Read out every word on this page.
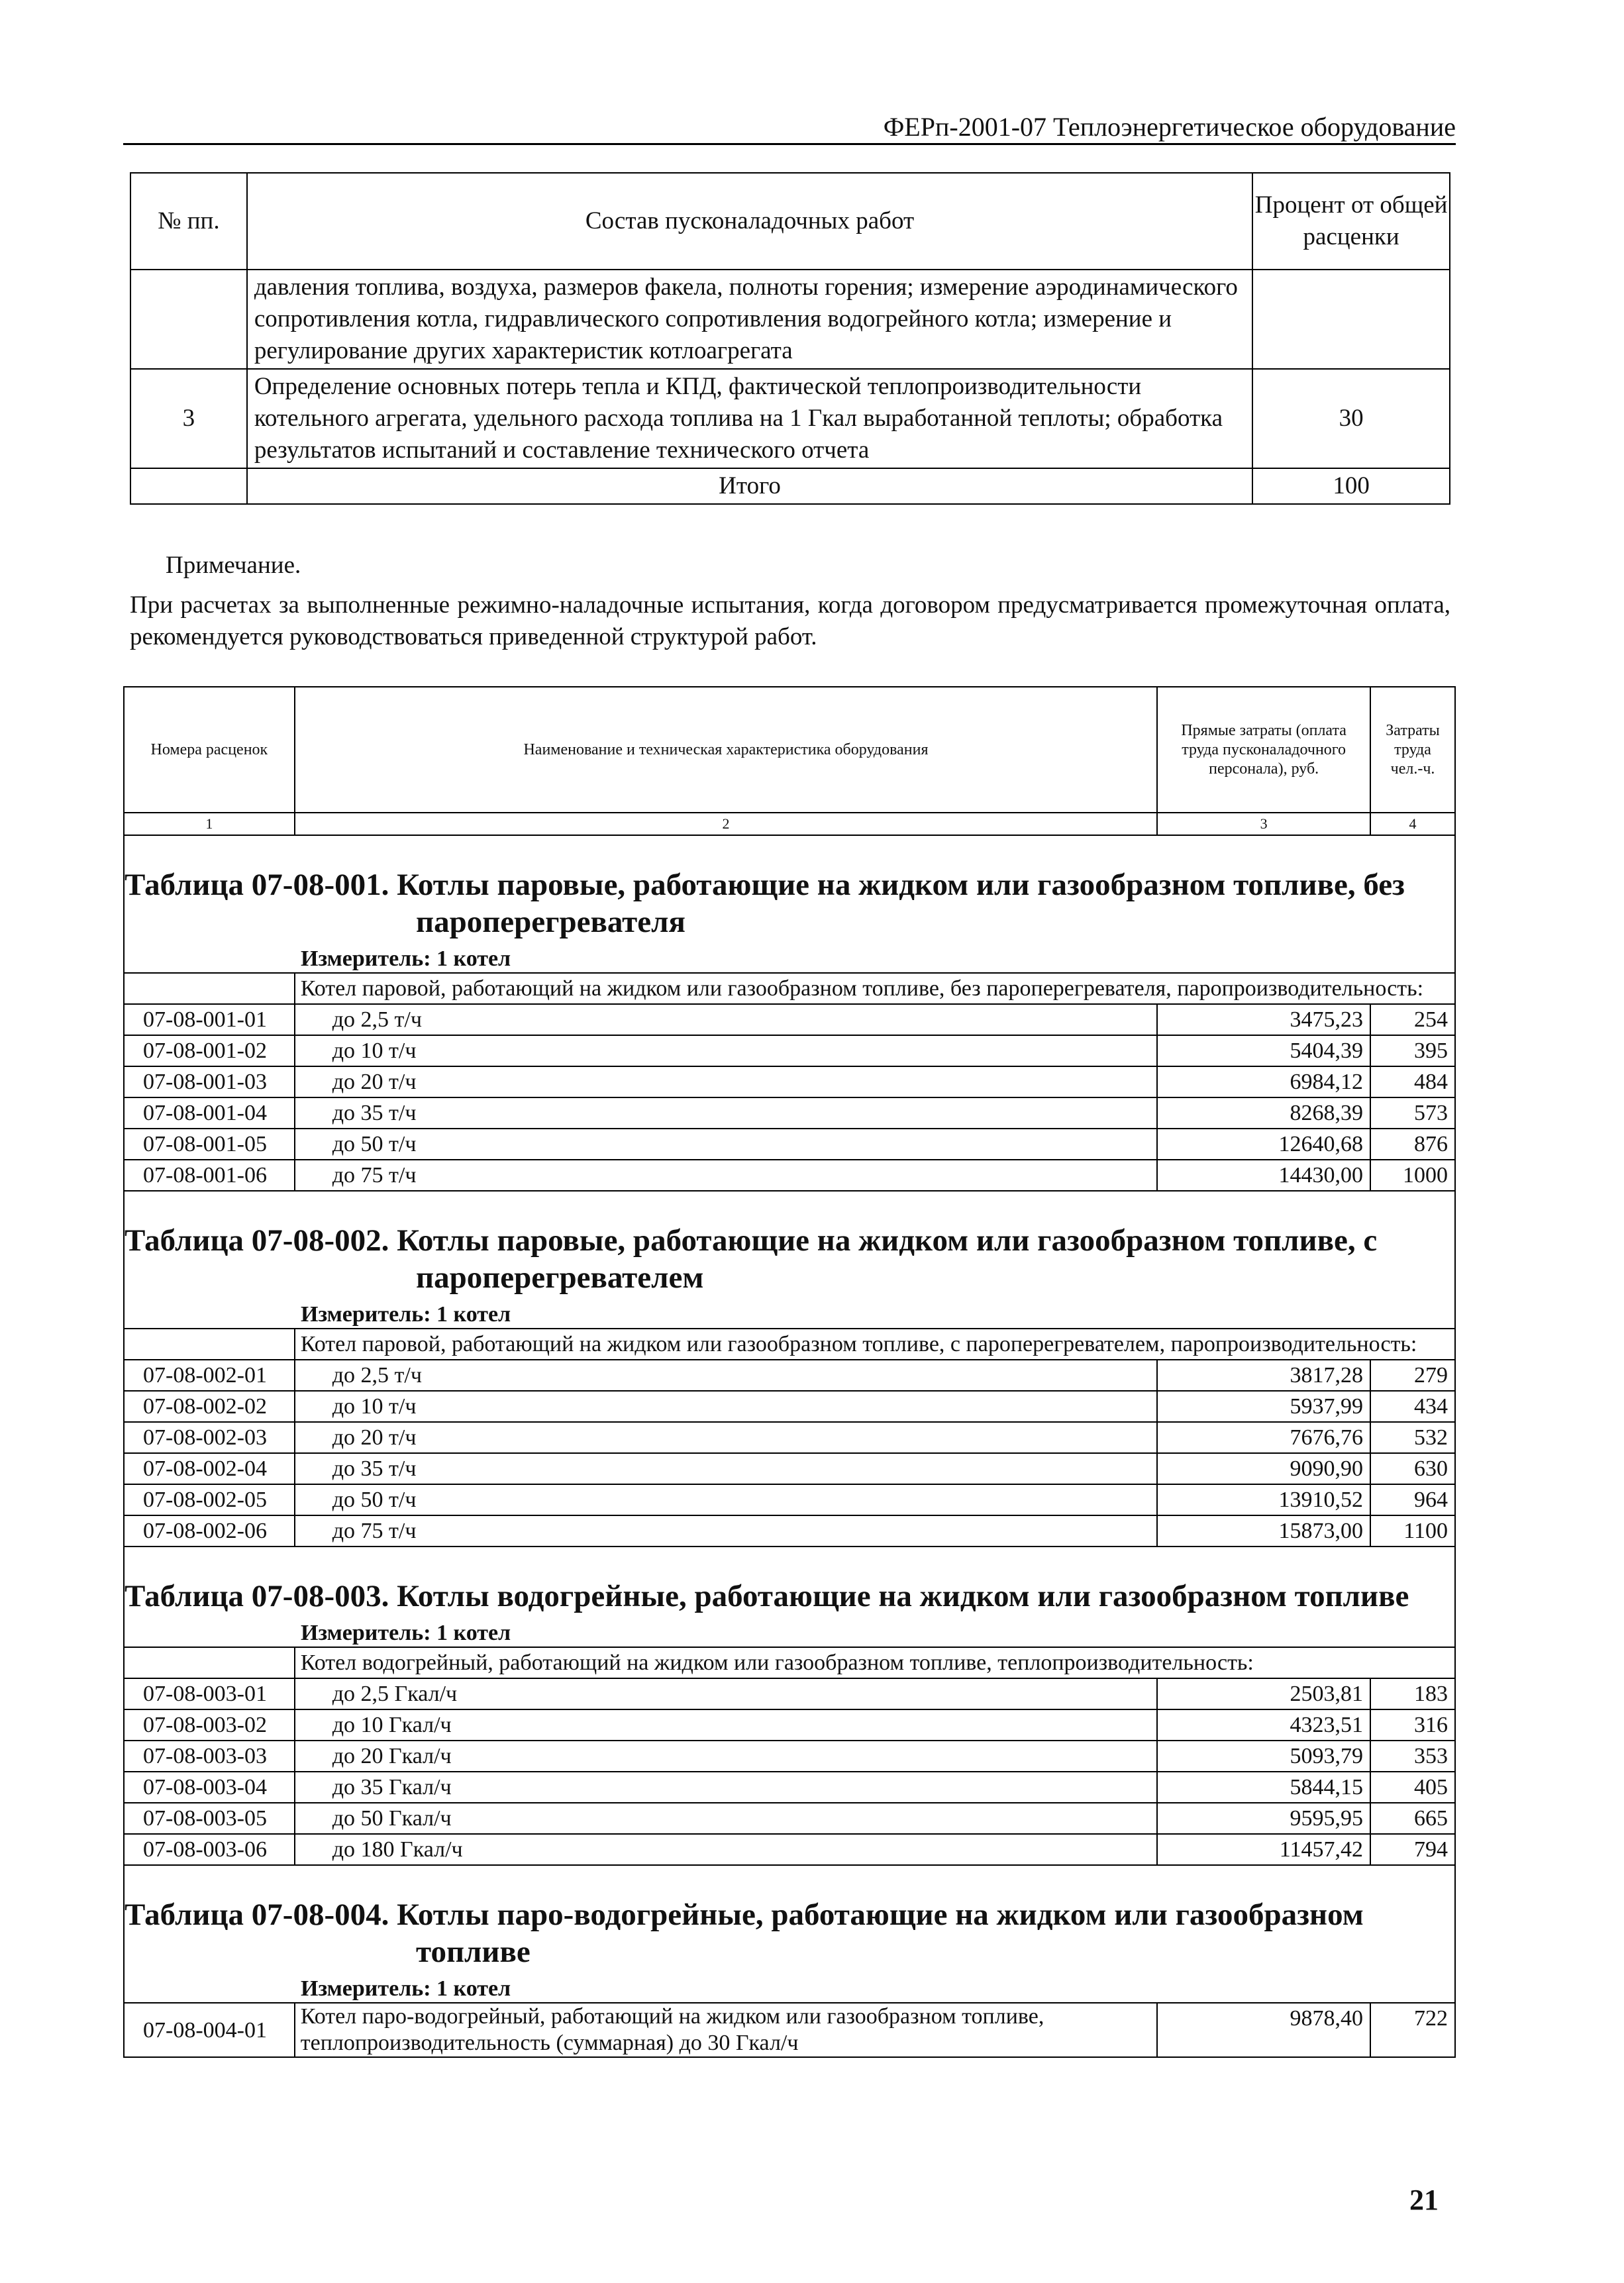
ФЕРп-2001-07 Теплоэнергетическое оборудование
№ пп.	Состав пусконаладочных работ	Процент от общей расценки
	давления топлива, воздуха, размеров факела, полноты горения; измерение аэродинамического сопротивления котла, гидравлического сопротивления водогрейного котла; измерение и регулирование других характеристик котлоагрегата	
3	Определение основных потерь тепла и КПД, фактической теплопроизводительности котельного агрегата, удельного расхода топлива на 1 Гкал выработанной теплоты; обработка результатов испытаний и составление технического отчета	30
	Итого	100
Примечание.
При расчетах за выполненные режимно-наладочные испытания, когда договором предусматривается промежуточная оплата, рекомендуется руководствоваться приведенной структурой работ.
Номера расценок	Наименование и техническая характеристика оборудования	Прямые затраты (оплата труда пусконаладочного персонала), руб.	Затраты труда чел.-ч.
1	2	3	4
Таблица 07-08-001. Котлы паровые, работающие на жидком или газообразном топливе, без
пароперегревателя			

Измеритель: 1 котел			
	Котел паровой, работающий на жидком или газообразном топливе, без пароперегревателя, паропроизводительность:		
07-08-001-01	до 2,5 т/ч	3475,23	254
07-08-001-02	до 10 т/ч	5404,39	395
07-08-001-03	до 20 т/ч	6984,12	484
07-08-001-04	до 35 т/ч	8268,39	573
07-08-001-05	до 50 т/ч	12640,68	876
07-08-001-06	до 75 т/ч	14430,00	1000
Таблица 07-08-002. Котлы паровые, работающие на жидком или газообразном топливе, с
пароперегревателем			

Измеритель: 1 котел			
	Котел паровой, работающий на жидком или газообразном топливе, с пароперегревателем, паропроизводительность:		
07-08-002-01	до 2,5 т/ч	3817,28	279
07-08-002-02	до 10 т/ч	5937,99	434
07-08-002-03	до 20 т/ч	7676,76	532
07-08-002-04	до 35 т/ч	9090,90	630
07-08-002-05	до 50 т/ч	13910,52	964
07-08-002-06	до 75 т/ч	15873,00	1100
Таблица 07-08-003. Котлы водогрейные, работающие на жидком или газообразном топливе			
Измеритель: 1 котел			
	Котел водогрейный, работающий на жидком или газообразном топливе, теплопроизводительность:		
07-08-003-01	до 2,5 Гкал/ч	2503,81	183
07-08-003-02	до 10 Гкал/ч	4323,51	316
07-08-003-03	до 20 Гкал/ч	5093,79	353
07-08-003-04	до 35 Гкал/ч	5844,15	405
07-08-003-05	до 50 Гкал/ч	9595,95	665
07-08-003-06	до 180 Гкал/ч	11457,42	794
Таблица 07-08-004. Котлы паро-водогрейные, работающие на жидком или газообразном
топливе			

Измеритель: 1 котел			
07-08-004-01	Котел паро-водогрейный, работающий на жидком или газообразном топливе, теплопроизводительность (суммарная) до 30 Гкал/ч	9878,40	722
21
